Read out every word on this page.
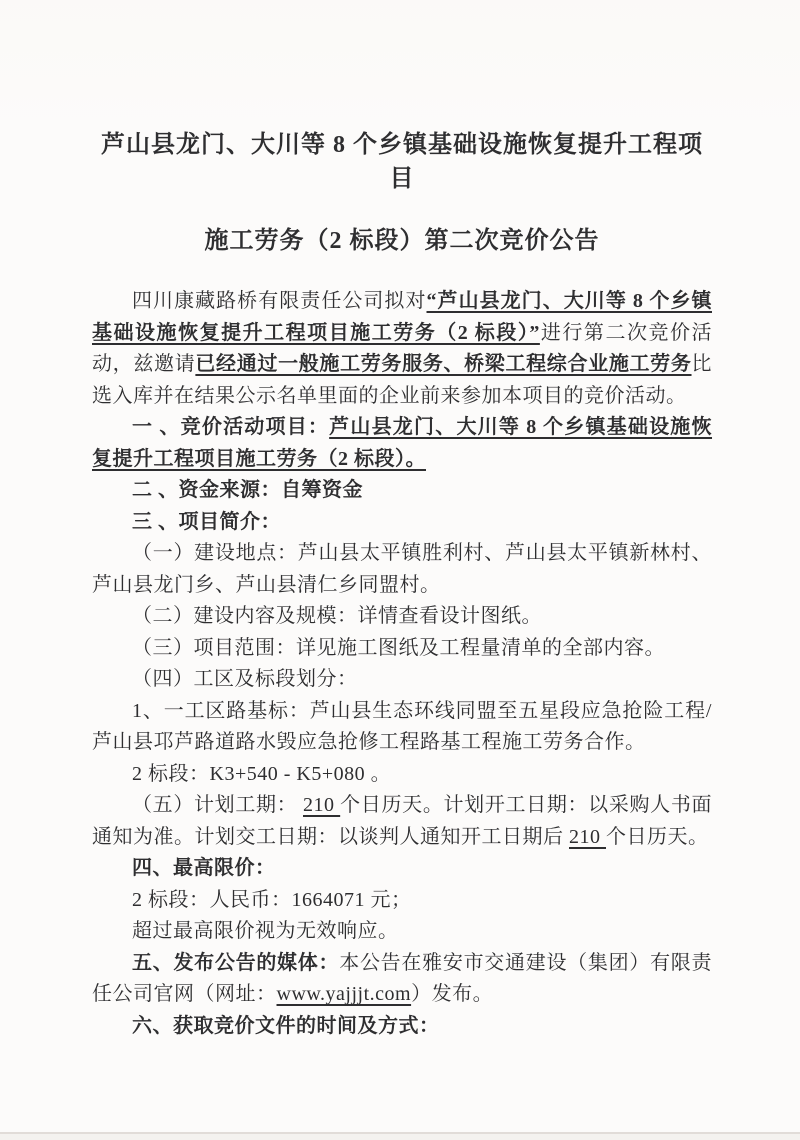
芦山县龙门、大川等 8 个乡镇基础设施恢复提升工程项目
施工劳务（2 标段）第二次竞价公告

四川康藏路桥有限责任公司拟对“芦山县龙门、大川等 8 个乡镇基础设施恢复提升工程项目施工劳务（2 标段）”进行第二次竞价活动，兹邀请已经通过一般施工劳务服务、桥梁工程综合业施工劳务比选入库并在结果公示名单里面的企业前来参加本项目的竞价活动。

一 、竞价活动项目：芦山县龙门、大川等 8 个乡镇基础设施恢复提升工程项目施工劳务（2 标段）。

二 、资金来源：自筹资金

三 、项目简介：

（一）建设地点：芦山县太平镇胜利村、芦山县太平镇新林村、芦山县龙门乡、芦山县清仁乡同盟村。

（二）建设内容及规模：详情查看设计图纸。

（三）项目范围：详见施工图纸及工程量清单的全部内容。

（四）工区及标段划分：

1、一工区路基标：芦山县生态环线同盟至五星段应急抢险工程/芦山县邛芦路道路水毁应急抢修工程路基工程施工劳务合作。

2 标段：K3+540 - K5+080 。

（五）计划工期： 210 个日历天。计划开工日期：以采购人书面通知为准。计划交工日期：以谈判人通知开工日期后 210 个日历天。

四、最高限价：

2 标段：人民币：1664071 元；

超过最高限价视为无效响应。

五、发布公告的媒体：本公告在雅安市交通建设（集团）有限责任公司官网（网址：www.yajjjt.com）发布。

六、获取竞价文件的时间及方式：
